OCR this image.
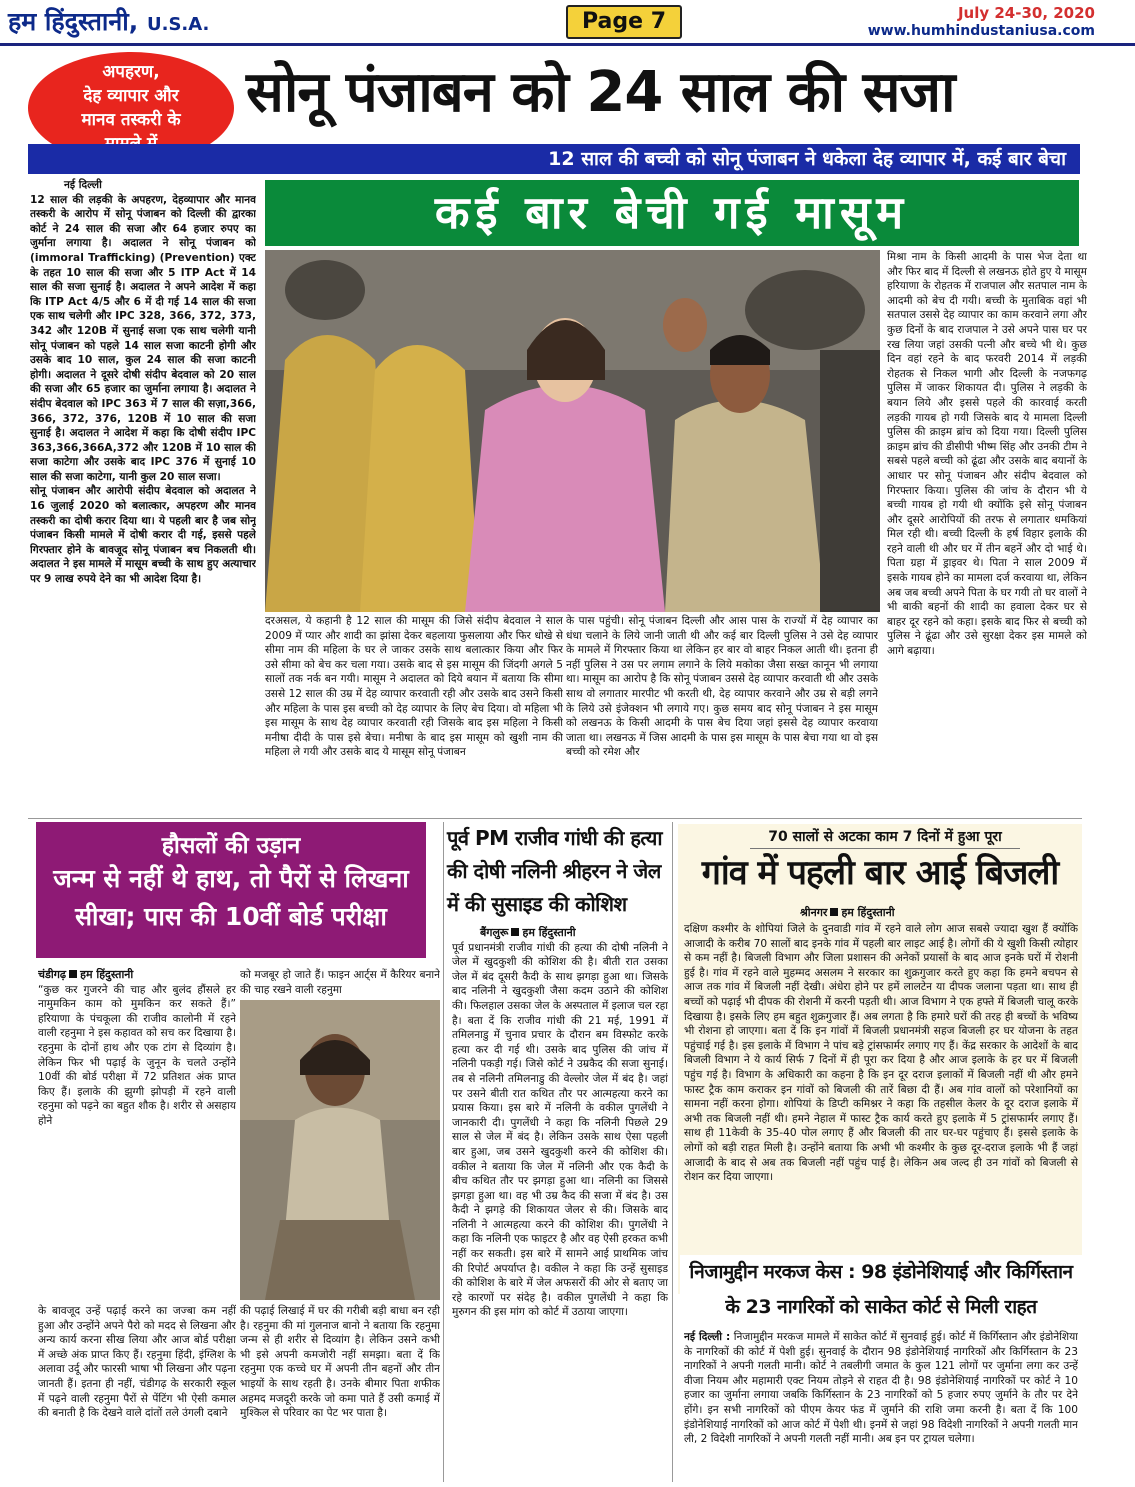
हम हिंदुस्तानी, U.S.A.	Page 7	July 24-30, 2020
www.humhindustaniusa.com
अपहरण,
देह व्यापार और
मानव तस्करी के	सोनू पंजाबन को 24 साल की सजा
12 साल की बच्ची को सोनू पंजाबन ने धकेला देह व्यापार में, कई बार बेचा
कई बार बेची गई मासूम
नई दिल्ली
12 साल की लड़की के अपहरण, देहव्यापार और मानव तस्करी के आरोप में सोनू पंजाबन को दिल्ली की द्वारका कोर्ट ने 24 साल की सजा और 64 हजार रुपए का जुर्माना लगाया है। अदालत ने सोनू पंजाबन को (immoral Trafficking) (Prevention) एक्ट के तहत 10 साल की सजा और 5 ITP Act में 14 साल की सजा सुनाई है। अदालत ने अपने आदेश में कहा कि ITP Act 4/5 और 6 में दी गई 14 साल की सजा एक साथ चलेगी और IPC 328, 366, 372, 373, 342 और 120B में सुनाई सजा एक साथ चलेगी यानी सोनू पंजाबन को पहले 14 साल सजा काटनी होगी और उसके बाद 10 साल, कुल 24 साल की सजा काटनी होगी। अदालत ने दूसरे दोषी संदीप बेदवाल को 20 साल की सजा और 65 हजार का जुर्माना लगाया है। अदालत ने संदीप बेदवाल को IPC 363 में 7 साल की सज़ा,366, 366, 372, 376, 120B में 10 साल की सजा सुनाई है। अदालत ने आदेश में कहा कि दोषी संदीप IPC 363,366,366A,372 और 120B में 10 साल की सजा काटेगा और उसके बाद IPC 376 में सुनाई 10 साल की सजा काटेगा, यानी कुल 20 साल सजा।
सोनू पंजाबन और आरोपी संदीप बेदवाल को अदालत ने 16 जुलाई 2020 को बलात्कार, अपहरण और मानव तस्करी का दोषी करार दिया था। ये पहली बार है जब सोनू पंजाबन किसी मामले में दोषी करार दी गई, इससे पहले गिरफ्तार होने के बावजूद सोनू पंजाबन बच निकलती थी। अदालत ने इस मामले में मासूम बच्ची के साथ हुए अत्याचार पर 9 लाख रुपये देने का भी आदेश दिया है।
दरअसल, ये कहानी है 12 साल की मासूम की जिसे संदीप बेदवाल ने साल 2009 में प्यार और शादी का झांसा देकर बहलाया फुसलाया और फिर धोखे से सीमा नाम की महिला के घर ले जाकर उसके साथ बलात्कार किया और फिर उसे सीमा को बेच कर चला गया। उसके बाद से इस मासूम की जिंदगी अगले 5 सालों तक नर्क बन गयी। मासूम ने अदालत को दिये बयान में बताया कि सीमा उससे 12 साल की उम्र में देह व्यापार करवाती रही और उसके बाद उसने किसी और महिला के पास इस बच्ची को देह व्यापार के लिए बेच दिया। वो महिला भी इस मासूम के साथ देह व्यापार करवाती रही जिसके बाद इस महिला ने किसी मनीषा दीदी के पास इसे बेचा। मनीषा के बाद इस मासूम को खुशी नाम की महिला ले गयी और उसके बाद ये मासूम सोनू पंजाबन
के पास पहुंची। सोनू पंजाबन दिल्ली और आस पास के राज्यों में देह व्यापार का धंधा चलाने के लिये जानी जाती थी और कई बार दिल्ली पुलिस ने उसे देह व्यापार के मामले में गिरफ्तार किया था लेकिन हर बार वो बाहर निकल आती थी। इतना ही नहीं पुलिस ने उस पर लगाम लगाने के लिये मकोका जैसा सख्त कानून भी लगाया था। मासूम का आरोप है कि सोनू पंजाबन उससे देह व्यापार करवाती थी और उसके साथ वो लगातार मारपीट भी करती थी, देह व्यापार करवाने और उम्र से बड़ी लगने के लिये उसे इंजेक्शन भी लगाये गए। कुछ समय बाद सोनू पंजाबन ने इस मासूम को लखनऊ के किसी आदमी के पास बेच दिया जहां इससे देह व्यापार करवाया जाता था। लखनऊ में जिस आदमी के पास इस मासूम के पास बेचा गया था वो इस बच्ची को रमेश और
मिश्रा नाम के किसी आदमी के पास भेज देता था और फिर बाद में दिल्ली से लखनऊ होते हुए ये मासूम हरियाणा के रोहतक में राजपाल और सतपाल नाम के आदमी को बेच दी गयी। बच्ची के मुताबिक वहां भी सतपाल उससे देह व्यापार का काम करवाने लगा और कुछ दिनों के बाद राजपाल ने उसे अपने पास घर पर रख लिया जहां उसकी पत्नी और बच्चे भी थे। कुछ दिन वहां रहने के बाद फरवरी 2014 में लड़की रोहतक से निकल भागी और दिल्ली के नजफगढ़ पुलिस में जाकर शिकायत दी। पुलिस ने लड़की के बयान लिये और इससे पहले की कारवाई करती लड़की गायब हो गयी जिसके बाद ये मामला दिल्ली पुलिस की क्राइम ब्रांच को दिया गया। दिल्ली पुलिस क्राइम ब्रांच की डीसीपी भीष्म सिंह और उनकी टीम ने सबसे पहले बच्ची को ढूंढा और उसके बाद बयानों के आधार पर सोनू पंजाबन और संदीप बेदवाल को गिरफ्तार किया। पुलिस की जांच के दौरान भी ये बच्ची गायब हो गयी थी क्योंकि इसे सोनू पंजाबन और दूसरे आरोपियों की तरफ से लगातार धमकियां मिल रही थी। बच्ची दिल्ली के हर्ष विहार इलाके की रहने वाली थी और घर में तीन बहनें और दो भाई थे। पिता ग्रहा में ड्राइवर थे। पिता ने साल 2009 में इसके गायब होने का मामला दर्ज करवाया था, लेकिन अब जब बच्ची अपने पिता के घर गयी तो घर वालों ने भी बाकी बहनों की शादी का हवाला देकर घर से बाहर दूर रहने को कहा। इसके बाद फिर से बच्ची को पुलिस ने ढूंढा और उसे सुरक्षा देकर इस मामले को आगे बढ़ाया।
हौसलों की उड़ान
जन्म से नहीं थे हाथ, तो पैरों से लिखना सीखा; पास की 10वीं बोर्ड परीक्षा
चंडीगढ़ हम हिंदुस्तानी
“कुछ कर गुजरने की चाह और बुलंद हौंसले हर नामुमकिन काम को मुमकिन कर सकते हैं।” हरियाणा के पंचकूला की राजीव कालोनी में रहने वाली रहनुमा ने इस कहावत को सच कर दिखाया है। रहनुमा के दोनों हाथ और एक टांग से दिव्यांग है। लेकिन फिर भी पढ़ाई के जुनून के चलते उन्होंने 10वीं की बोर्ड परीक्षा में 72 प्रतिशत अंक प्राप्त किए हैं। इलाके की झुग्गी झोपड़ी में रहने वाली रहनुमा को पढ़ने का बहुत शौक है। शरीर से असहाय होने
को मजबूर हो जाते हैं। फाइन आर्ट्स में कैरियर बनाने की चाह रखने वाली रहनुमा
के बावजूद उन्हें पढ़ाई करने का जज्बा कम नहीं हुआ और उन्होंने अपने पैरो को मदद से लिखना और अन्य कार्य करना सीख लिया और आज बोर्ड परीक्षा में अच्छे अंक प्राप्त किए हैं। रहनुमा हिंदी, इंग्लिश के अलावा उर्दू और फारसी भाषा भी लिखना और पढ़ना जानती हैं। इतना ही नहीं, चंडीगढ़ के सरकारी स्कूल में पढ़ने वाली रहनुमा पैरों से पेंटिंग भी ऐसी कमाल की बनाती है कि देखने वाले दांतों तले उंगली दबाने
की पढ़ाई लिखाई में घर की गरीबी बड़ी बाधा बन रही है। रहनुमा की मां गुलनाज बानो ने बताया कि रहनुमा जन्म से ही शरीर से दिव्यांग है। लेकिन उसने कभी भी इसे अपनी कमजोरी नहीं समझा। बता दें कि रहनुमा एक कच्चे घर में अपनी तीन बहनों और तीन भाइयों के साथ रहती है। उनके बीमार पिता शफीक अहमद मजदूरी करके जो कमा पाते हैं उसी कमाई में मुश्किल से परिवार का पेट भर पाता है।
पूर्व PM राजीव गांधी की हत्या की दोषी नलिनी श्रीहरन ने जेल में की सुसाइड की कोशिश
बैंगलुरू हम हिंदुस्तानी
पूर्व प्रधानमंत्री राजीव गांधी की हत्या की दोषी नलिनी ने जेल में खुदकुशी की कोशिश की है। बीती रात उसका जेल में बंद दूसरी कैदी के साथ झगड़ा हुआ था। जिसके बाद नलिनी ने खुदकुशी जैसा कदम उठाने की कोशिश की। फिलहाल उसका जेल के अस्पताल में इलाज चल रहा है। बता दें कि राजीव गांधी की 21 मई, 1991 में तमिलनाडु में चुनाव प्रचार के दौरान बम विस्फोट करके हत्या कर दी गई थी। उसके बाद पुलिस की जांच में नलिनी पकड़ी गई। जिसे कोर्ट ने उम्रकैद की सजा सुनाई। तब से नलिनी तमिलनाडु की वेल्लोर जेल में बंद है। जहां पर उसने बीती रात कथित तौर पर आत्महत्या करने का प्रयास किया। इस बारे में नलिनी के वकील पुगलेंधी ने जानकारी दी। पुगलेंधी ने कहा कि नलिनी पिछले 29 साल से जेल में बंद है। लेकिन उसके साथ ऐसा पहली बार हुआ, जब उसने खुदकुशी करने की कोशिश की। वकील ने बताया कि जेल में नलिनी और एक कैदी के बीच कथित तौर पर झगड़ा हुआ था। नलिनी का जिससे झगड़ा हुआ था। वह भी उम्र कैद की सजा में बंद है। उस कैदी ने झगड़े की शिकायत जेलर से की। जिसके बाद नलिनी ने आत्महत्या करने की कोशिश की। पुगलेंधी ने कहा कि नलिनी एक फाइटर है और वह ऐसी हरकत कभी नहीं कर सकती। इस बारे में सामने आई प्राथमिक जांच की रिपोर्ट अपर्याप्त है। वकील ने कहा कि उन्हें सुसाइड की कोशिश के बारे में जेल अफसरों की ओर से बताए जा रहे कारणों पर संदेह है। वकील पुगलेंधी ने कहा कि मुरुगन की इस मांग को कोर्ट में उठाया जाएगा।
70 सालों से अटका काम 7 दिनों में हुआ पूरा
गांव में पहली बार आई बिजली
श्रीनगर हम हिंदुस्तानी
दक्षिण कश्मीर के शोपियां जिले के दुनवाडी गांव में रहने वाले लोग आज सबसे ज्यादा खुश हैं क्योंकि आजादी के करीब 70 सालों बाद इनके गांव में पहली बार लाइट आई है। लोगों की ये खुशी किसी त्योहार से कम नहीं है। बिजली विभाग और जिला प्रशासन की अनेकों प्रयासों के बाद आज इनके घरों में रोशनी हुई है। गांव में रहने वाले मुहम्मद असलम ने सरकार का शुक्रगुजार करते हुए कहा कि हमने बचपन से आज तक गांव में बिजली नहीं देखी। अंधेरा होने पर हमें लालटेन या दीपक जलाना पड़ता था। साथ ही बच्चों को पढ़ाई भी दीपक की रोशनी में करनी पड़ती थी। आज विभाग ने एक हफ्ते में बिजली चालू करके दिखाया है। इसके लिए हम बहुत शुक्रगुजार हैं। अब लगता है कि हमारे घरों की तरह ही बच्चों के भविष्य भी रोशना हो जाएगा। बता दें कि इन गांवों में बिजली प्रधानमंत्री सहज बिजली हर घर योजना के तहत पहुंचाई गई है। इस इलाके में विभाग ने पांच बड़े ट्रांसफार्मर लगाए गए हैं। केंद्र सरकार के आदेशों के बाद बिजली विभाग ने ये कार्य सिर्फ 7 दिनों में ही पूरा कर दिया है और आज इलाके के हर घर में बिजली पहुंच गई है। विभाग के अधिकारी का कहना है कि इन दूर दराज इलाकों में बिजली नहीं थी और हमने फास्ट ट्रैक काम कराकर इन गांवों को बिजली की तारें बिछा दी हैं। अब गांव वालों को परेशानियों का सामना नहीं करना होगा। शोपियां के डिप्टी कमिश्नर ने कहा कि तहसील केलर के दूर दराज इलाके में अभी तक बिजली नहीं थी। हमने नेहाल में फास्ट ट्रैक कार्य करते हुए इलाके में 5 ट्रांसफार्मर लगाए हैं। साथ ही 11केवी के 35-40 पोल लगाए हैं और बिजली की तार घर-घर पहुंचाए हैं। इससे इलाके के लोगों को बड़ी राहत मिली है। उन्होंने बताया कि अभी भी कश्मीर के कुछ दूर-दराज इलाके भी हैं जहां आजादी के बाद से अब तक बिजली नहीं पहुंच पाई है। लेकिन अब जल्द ही उन गांवों को बिजली से रोशन कर दिया जाएगा।
निजामुद्दीन मरकज केस : 98 इंडोनेशियाई और किर्गिस्तान के 23 नागरिकों को साकेत कोर्ट से मिली राहत
नई दिल्ली : निजामुद्दीन मरकज मामले में साकेत कोर्ट में सुनवाई हुई। कोर्ट में किर्गिस्तान और इंडोनेशिया के नागरिकों की कोर्ट में पेशी हुई। सुनवाई के दौरान 98 इंडोनेशियाई नागरिकों और किर्गिस्तान के 23 नागरिकों ने अपनी गलती मानी। कोर्ट ने तबलीगी जमात के कुल 121 लोगों पर जुर्माना लगा कर उन्हें वीजा नियम और महामारी एक्ट नियम तोड़ने से राहत दी है। 98 इंडोनेशियाई नागरिकों पर कोर्ट ने 10 हजार का जुर्माना लगाया जबकि किर्गिस्तान के 23 नागरिकों को 5 हजार रुपए जुर्माने के तौर पर देने होंगे। इन सभी नागरिकों को पीएम केयर फंड में जुर्माने की राशि जमा करनी है। बता दें कि 100 इंडोनेशियाई नागरिकों को आज कोर्ट में पेशी थी। इनमें से जहां 98 विदेशी नागरिकों ने अपनी गलती मान ली, 2 विदेशी नागरिकों ने अपनी गलती नहीं मानी। अब इन पर ट्रायल चलेगा।
